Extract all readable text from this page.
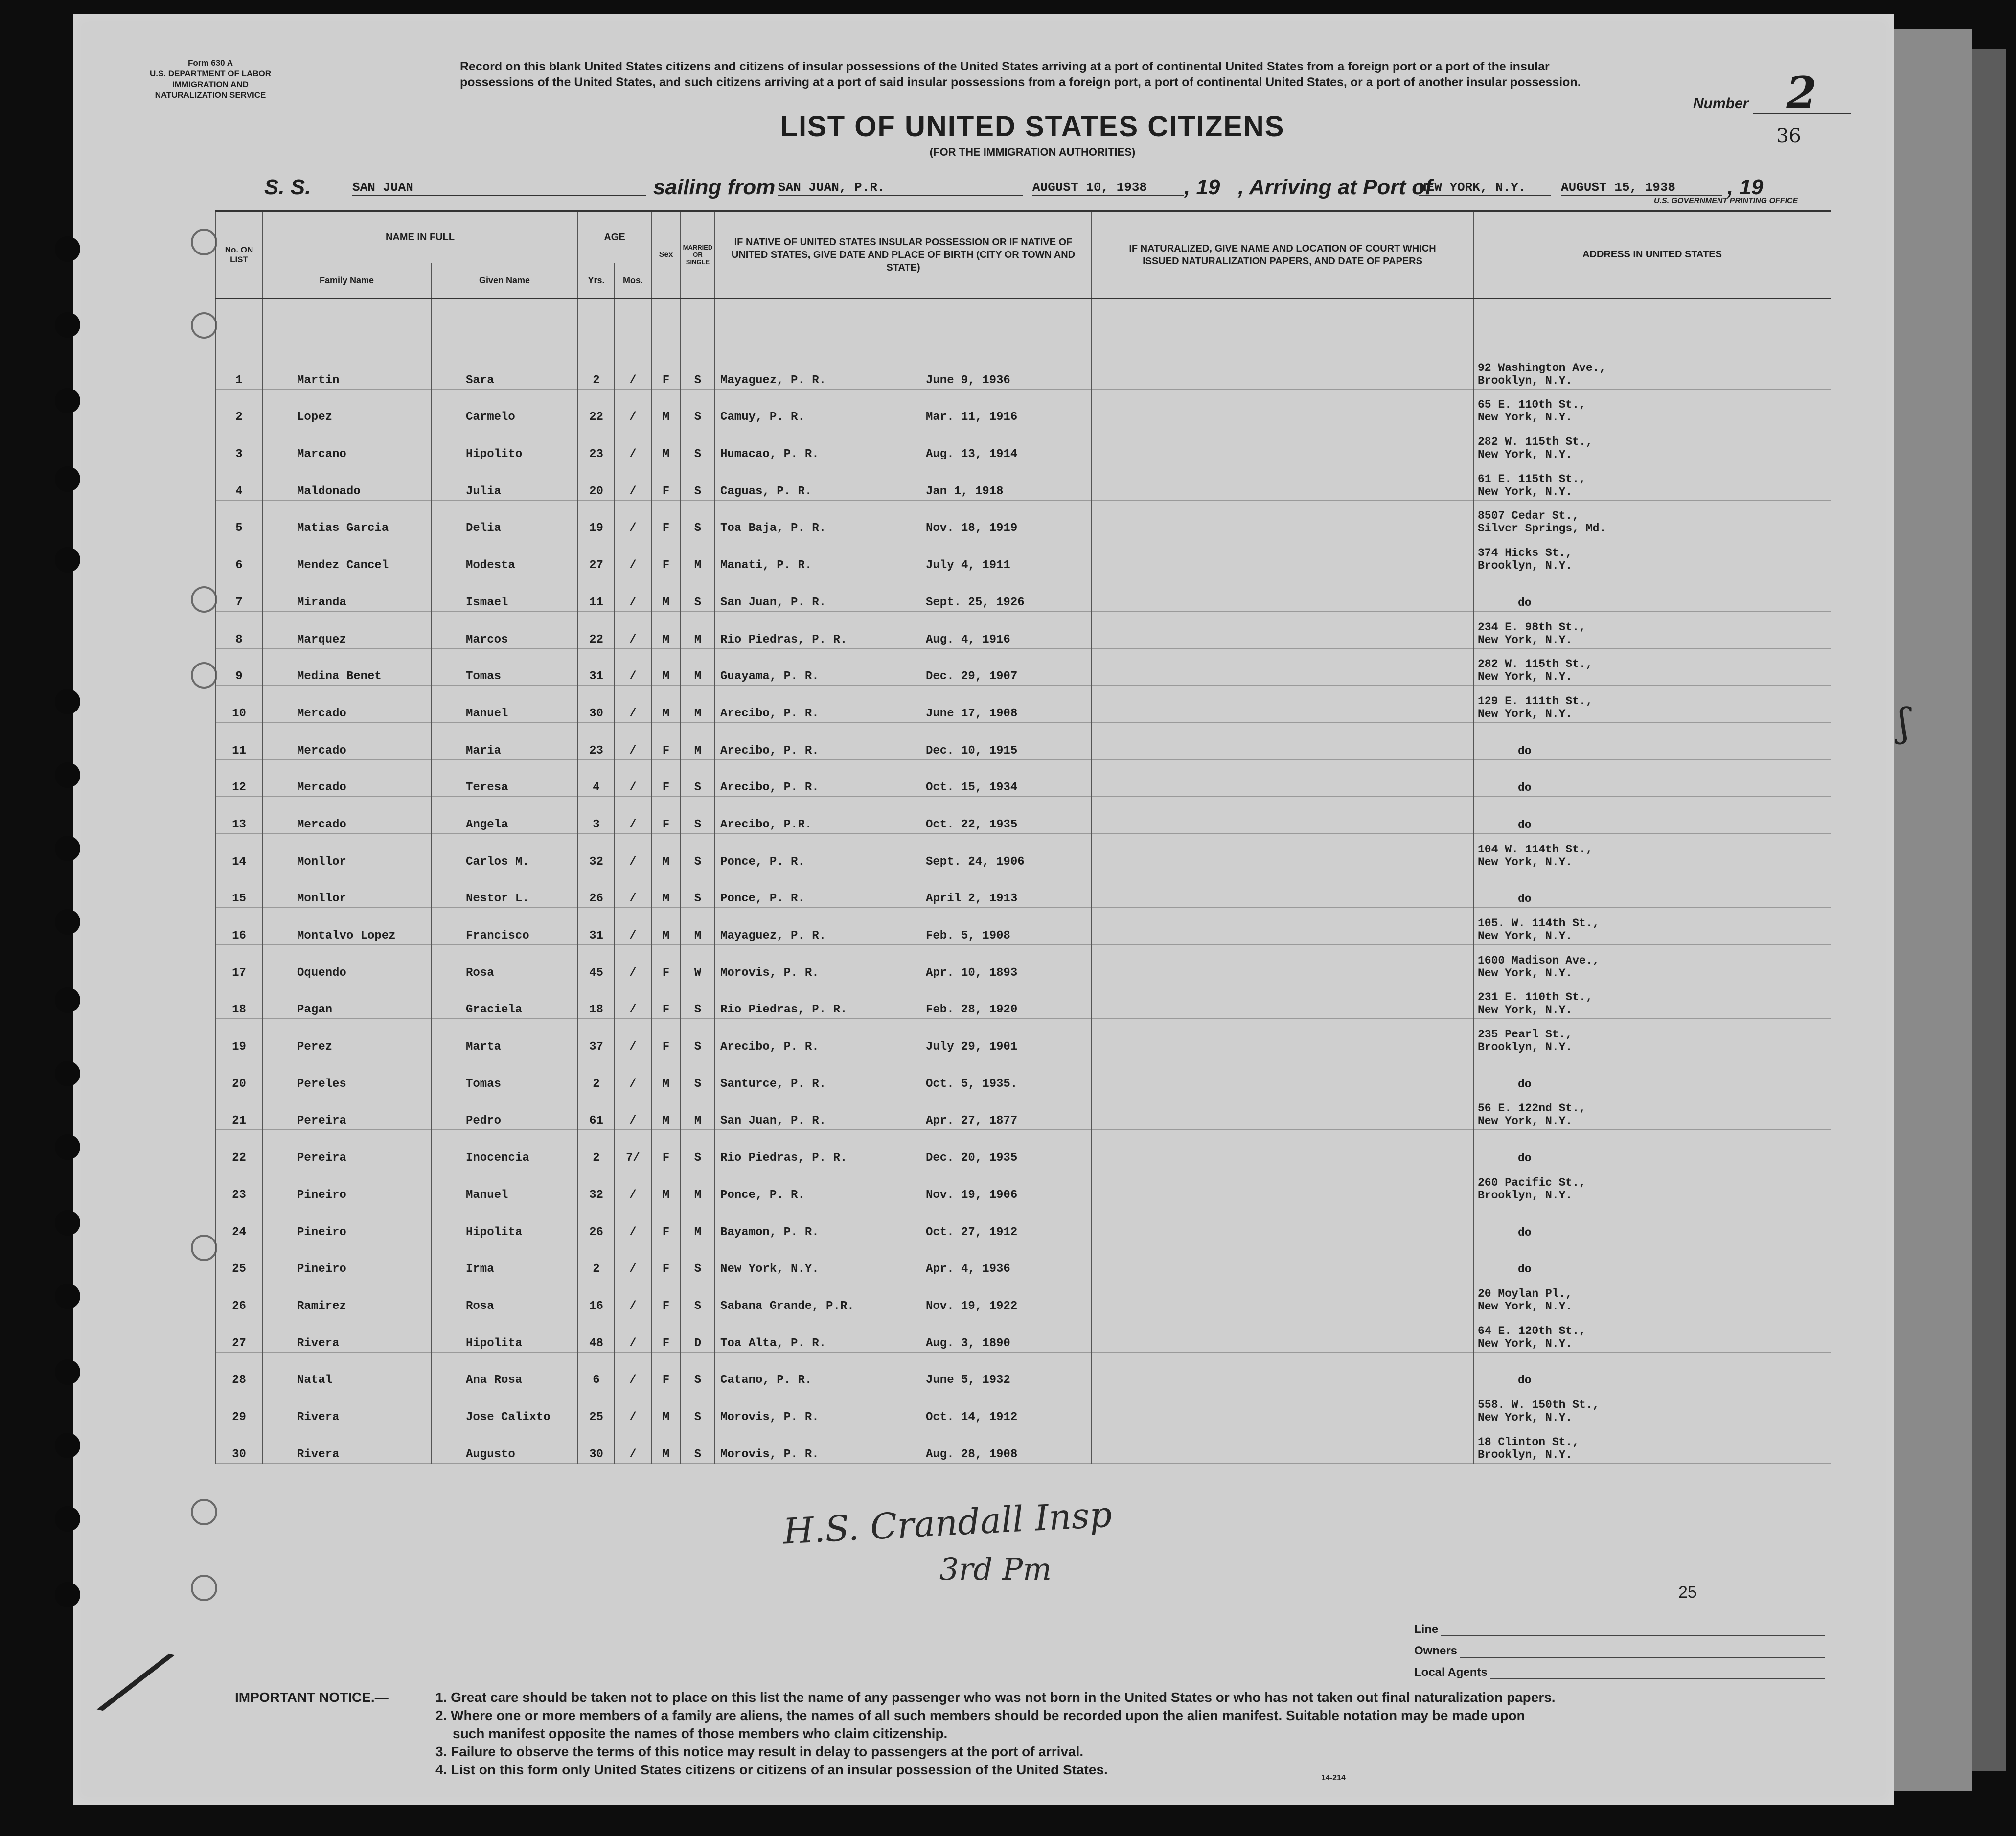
Form 630 A
U.S. DEPARTMENT OF LABOR
IMMIGRATION AND
NATURALIZATION SERVICE
Record on this blank United States citizens and citizens of insular possessions of the United States arriving at a port of continental United States from a foreign port or a port of the insular possessions of the United States, and such citizens arriving at a port of said insular possessions from a foreign port, a port of continental United States, or a port of another insular possession.
Number 2
LIST OF UNITED STATES CITIZENS
(FOR THE IMMIGRATION AUTHORITIES)
36
S. S.	SAN JUAN	sailing from SAN JUAN, P.R.	AUGUST 10, 1938	, 19 , Arriving at Port of
NEW YORK, N.Y.	AUGUST 15, 1938	, 19
U.S. GOVERNMENT PRINTING OFFICE
No. ON LIST	NAME IN FULL		AGE		Sex	MARRIED OR SINGLE	IF NATIVE OF UNITED STATES INSULAR POSSESSION OR IF NATIVE OF UNITED STATES, GIVE DATE AND PLACE OF BIRTH (CITY OR TOWN AND STATE)	IF NATURALIZED, GIVE NAME AND LOCATION OF COURT WHICH ISSUED NATURALIZATION PAPERS, AND DATE OF PAPERS	ADDRESS IN UNITED STATES
	Family Name	Given Name	Yrs.	Mos.					

1	Martin	Sara	2	/	F	S	Mayaguez, P. R. June 9, 1936		92 Washington Ave.,
Brooklyn, N.Y.

2	Lopez	Carmelo	22	/	M	S	Camuy, P. R. Mar. 11, 1916		65 E. 110th St.,
New York, N.Y.

3	Marcano	Hipolito	23	/	M	S	Humacao, P. R. Aug. 13, 1914		282 W. 115th St.,
New York, N.Y.

4	Maldonado	Julia	20	/	F	S	Caguas, P. R. Jan 1, 1918		61 E. 115th St.,
New York, N.Y.

5	Matias Garcia	Delia	19	/	F	S	Toa Baja, P. R. Nov. 18, 1919		8507 Cedar St.,
Silver Springs, Md.

6	Mendez Cancel	Modesta	27	/	F	M	Manati, P. R. July 4, 1911		374 Hicks St.,
Brooklyn, N.Y.

7	Miranda	Ismael	11	/	M	S	San Juan, P. R. Sept. 25, 1926		do

8	Marquez	Marcos	22	/	M	M	Rio Piedras, P. R. Aug. 4, 1916		234 E. 98th St.,
New York, N.Y.

9	Medina Benet	Tomas	31	/	M	M	Guayama, P. R. Dec. 29, 1907		282 W. 115th St.,
New York, N.Y.

10	Mercado	Manuel	30	/	M	M	Arecibo, P. R. June 17, 1908		129 E. 111th St.,
New York, N.Y.

11	Mercado	Maria	23	/	F	M	Arecibo, P. R. Dec. 10, 1915		do

12	Mercado	Teresa	4	/	F	S	Arecibo, P. R. Oct. 15, 1934		do

13	Mercado	Angela	3	/	F	S	Arecibo, P.R. Oct. 22, 1935		do

14	Monllor	Carlos M.	32	/	M	S	Ponce, P. R. Sept. 24, 1906		104 W. 114th St.,
New York, N.Y.

15	Monllor	Nestor L.	26	/	M	S	Ponce, P. R. April 2, 1913		do

16	Montalvo Lopez	Francisco	31	/	M	M	Mayaguez, P. R. Feb. 5, 1908		105. W. 114th St.,
New York, N.Y.

17	Oquendo	Rosa	45	/	F	W	Morovis, P. R. Apr. 10, 1893		1600 Madison Ave.,
New York, N.Y.

18	Pagan	Graciela	18	/	F	S	Rio Piedras, P. R. Feb. 28, 1920		231 E. 110th St.,
New York, N.Y.

19	Perez	Marta	37	/	F	S	Arecibo, P. R. July 29, 1901		235 Pearl St.,
Brooklyn, N.Y.

20	Pereles	Tomas	2	/	M	S	Santurce, P. R. Oct. 5, 1935.		do

21	Pereira	Pedro	61	/	M	M	San Juan, P. R. Apr. 27, 1877		56 E. 122nd St.,
New York, N.Y.

22	Pereira	Inocencia	2	7/	F	S	Rio Piedras, P. R. Dec. 20, 1935		do

23	Pineiro	Manuel	32	/	M	M	Ponce, P. R. Nov. 19, 1906		260 Pacific St.,
Brooklyn, N.Y.

24	Pineiro	Hipolita	26	/	F	M	Bayamon, P. R. Oct. 27, 1912		do

25	Pineiro	Irma	2	/	F	S	New York, N.Y. Apr. 4, 1936		do

26	Ramirez	Rosa	16	/	F	S	Sabana Grande, P.R. Nov. 19, 1922		20 Moylan Pl.,
New York, N.Y.

27	Rivera	Hipolita	48	/	F	D	Toa Alta, P. R. Aug. 3, 1890		64 E. 120th St.,
New York, N.Y.

28	Natal	Ana Rosa	6	/	F	S	Catano, P. R. June 5, 1932		do

29	Rivera	Jose Calixto	25	/	M	S	Morovis, P. R. Oct. 14, 1912		558. W. 150th St.,
New York, N.Y.

30	Rivera	Augusto	30	/	M	S	Morovis, P. R. Aug. 28, 1908		18 Clinton St.,
Brooklyn, N.Y.
H.S. Crandall Insp
3rd Pm
25
⟋
ʃ
Line
Owners
Local Agents
IMPORTANT NOTICE.—	1. Great care should be taken not to place on this list the name of any passenger who was not born in the United States or who has not taken out final naturalization papers.
2. Where one or more members of a family are aliens, the names of all such members should be recorded upon the alien manifest. Suitable notation may be made upon
such manifest opposite the names of those members who claim citizenship.
3. Failure to observe the terms of this notice may result in delay to passengers at the port of arrival.
4. List on this form only United States citizens or citizens of an insular possession of the United States.
14-214
